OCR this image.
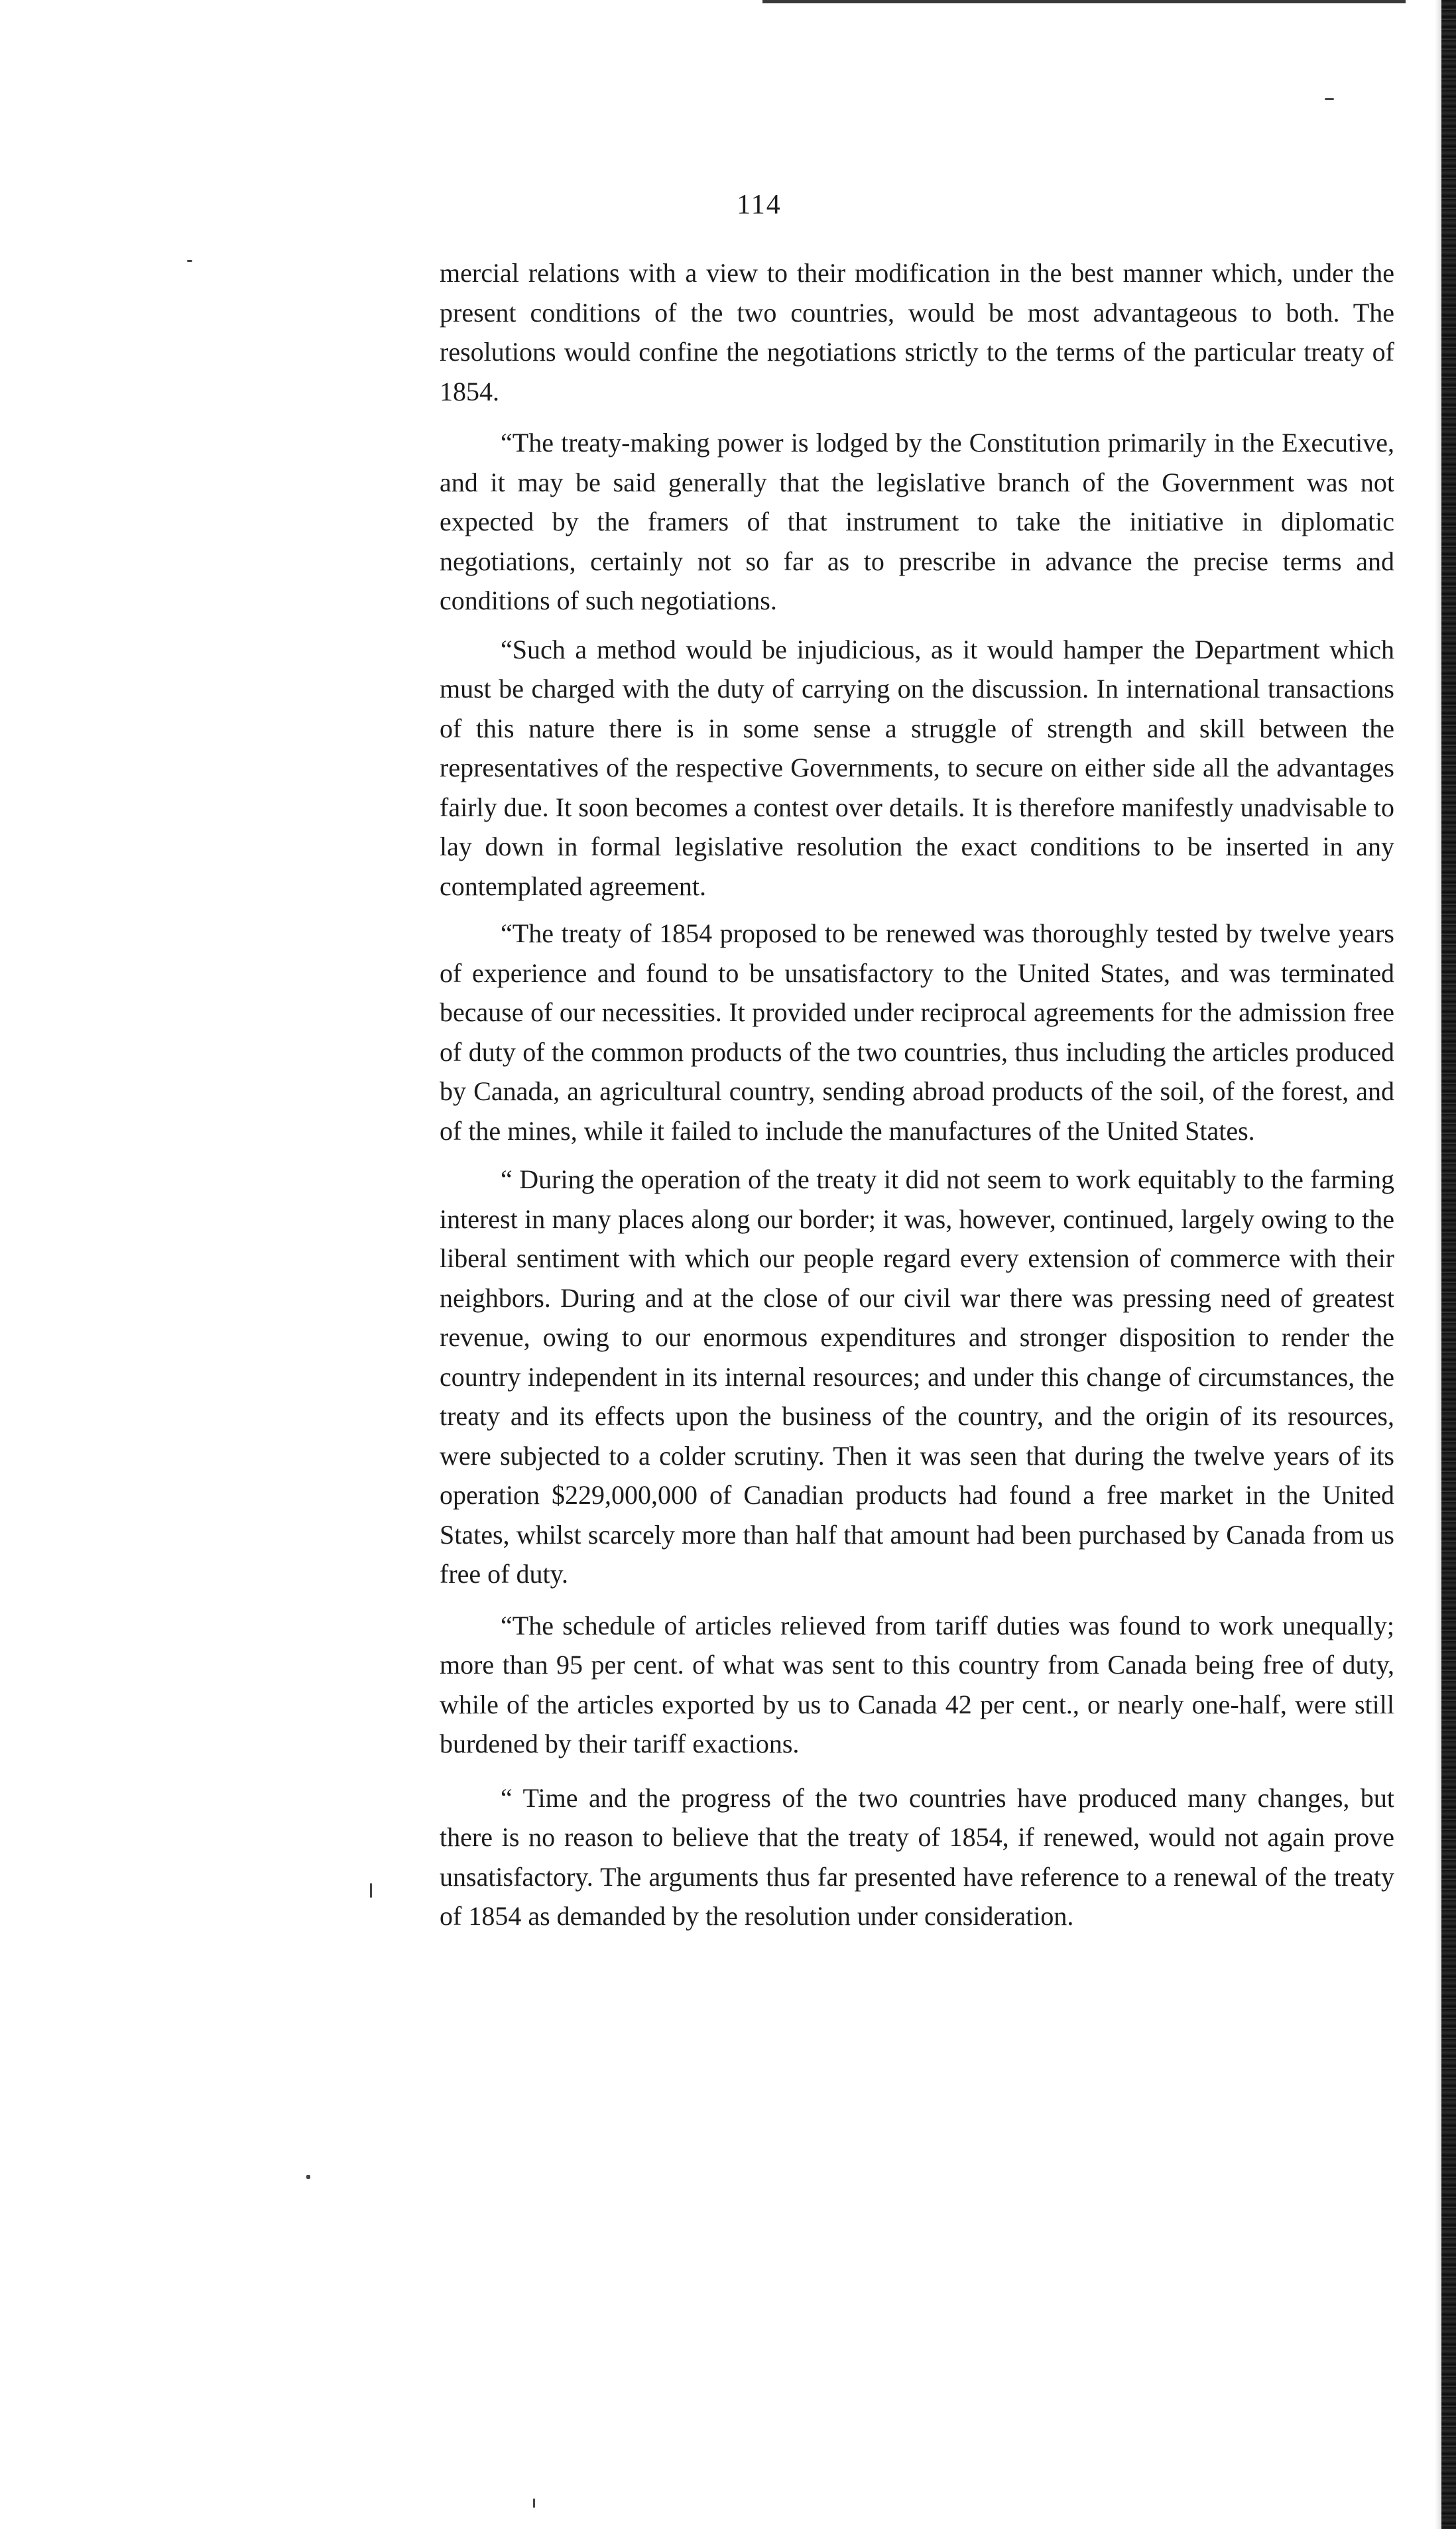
114

mercial relations with a view to their modification in the best manner which, under the present conditions of the two countries, would be most advantageous to both. The resolutions would confine the negotiations strictly to the terms of the particular treaty of 1854.

“The treaty-making power is lodged by the Constitution primarily in the Executive, and it may be said generally that the legislative branch of the Government was not expected by the framers of that instrument to take the initiative in diplomatic negotiations, certainly not so far as to prescribe in advance the precise terms and conditions of such negotiations.

“Such a method would be injudicious, as it would hamper the Department which must be charged with the duty of carrying on the discussion. In international transactions of this nature there is in some sense a struggle of strength and skill between the representatives of the respective Governments, to secure on either side all the advantages fairly due. It soon becomes a contest over details. It is therefore manifestly unadvisable to lay down in formal legislative resolution the exact conditions to be inserted in any contemplated agreement.

“The treaty of 1854 proposed to be renewed was thoroughly tested by twelve years of experience and found to be unsatisfactory to the United States, and was terminated because of our necessities. It provided under reciprocal agreements for the admission free of duty of the common products of the two countries, thus including the articles produced by Canada, an agricultural country, sending abroad products of the soil, of the forest, and of the mines, while it failed to include the manufactures of the United States.

“ During the operation of the treaty it did not seem to work equitably to the farming interest in many places along our border; it was, however, continued, largely owing to the liberal sentiment with which our people regard every extension of commerce with their neighbors. During and at the close of our civil war there was pressing need of greatest revenue, owing to our enormous expenditures and stronger disposition to render the country independent in its internal resources; and under this change of circumstances, the treaty and its effects upon the business of the country, and the origin of its resources, were subjected to a colder scrutiny. Then it was seen that during the twelve years of its operation $229,000,000 of Canadian products had found a free market in the United States, whilst scarcely more than half that amount had been purchased by Canada from us free of duty.

“The schedule of articles relieved from tariff duties was found to work unequally; more than 95 per cent. of what was sent to this country from Canada being free of duty, while of the articles exported by us to Canada 42 per cent., or nearly one-half, were still burdened by their tariff exactions.

“ Time and the progress of the two countries have produced many changes, but there is no reason to believe that the treaty of 1854, if renewed, would not again prove unsatisfactory. The arguments thus far presented have reference to a renewal of the treaty of 1854 as demanded by the resolution under consideration.
